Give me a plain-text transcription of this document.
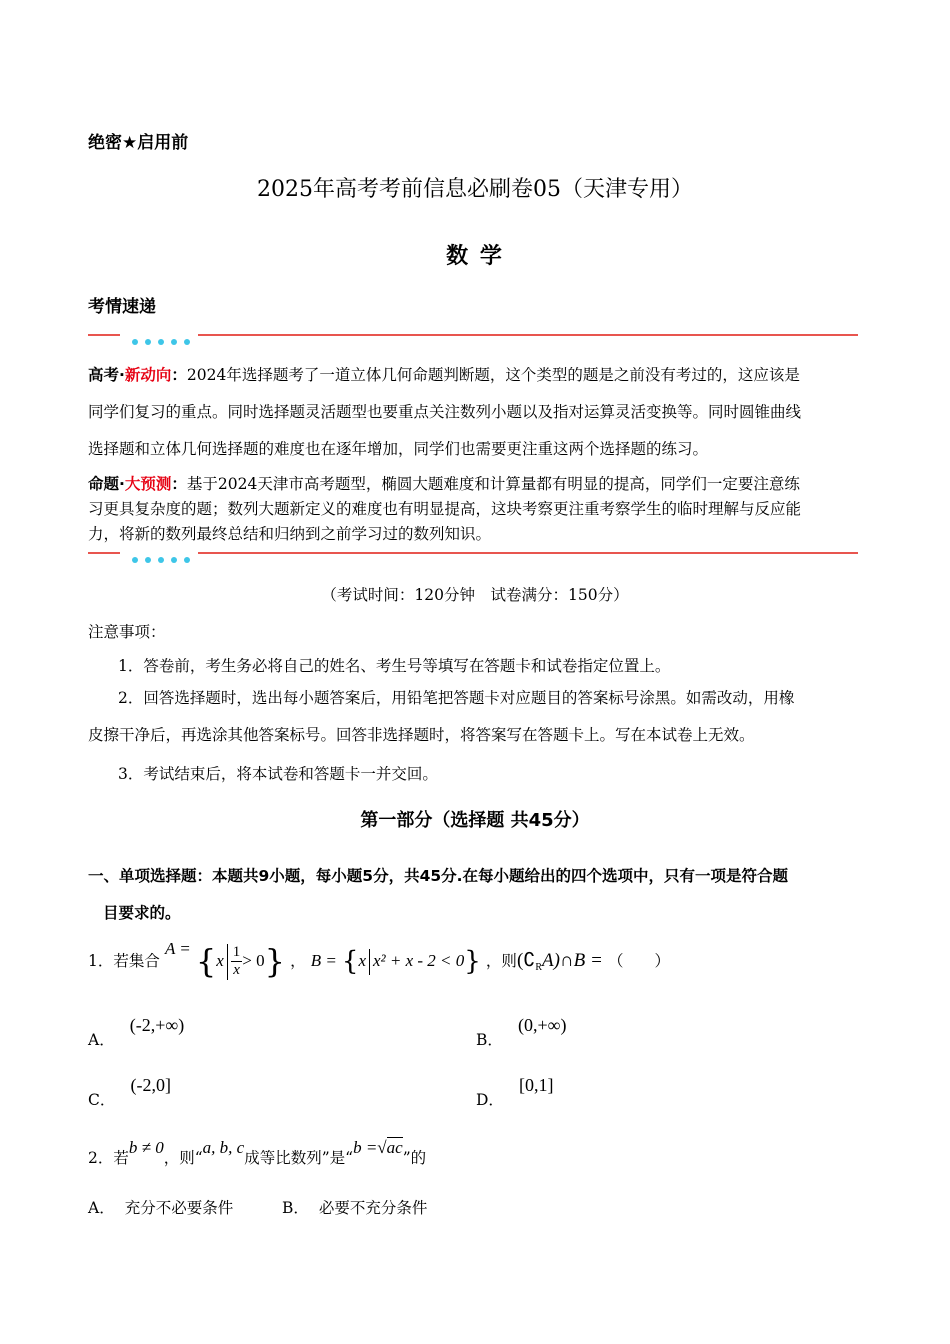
绝密★启用前
2025年高考考前信息必刷卷05（天津专用）
数 学
考情速递
高考·新动向：2024年选择题考了一道立体几何命题判断题，这个类型的题是之前没有考过的，这应该是
同学们复习的重点。同时选择题灵活题型也要重点关注数列小题以及指对运算灵活变换等。同时圆锥曲线
选择题和立体几何选择题的难度也在逐年增加，同学们也需要更注重这两个选择题的练习。
命题·大预测：基于2024天津市高考题型，椭圆大题难度和计算量都有明显的提高，同学们一定要注意练
习更具复杂度的题；数列大题新定义的难度也有明显提高，这块考察更注重考察学生的临时理解与反应能
力，将新的数列最终总结和归纳到之前学习过的数列知识。
（考试时间：120分钟　试卷满分：150分）
注意事项：
1．答卷前，考生务必将自己的姓名、考生号等填写在答题卡和试卷指定位置上。
2．回答选择题时，选出每小题答案后，用铅笔把答题卡对应题目的答案标号涂黑。如需改动，用橡
皮擦干净后，再选涂其他答案标号。回答非选择题时，将答案写在答题卡上。写在本试卷上无效。
3．考试结束后，将本试卷和答题卡一并交回。
第一部分（选择题 共45分）
一、单项选择题：本题共9小题，每小题5分，共45分.在每小题给出的四个选项中，只有一项是符合题
目要求的。
1．若集合 $A = \{x \frac{1}{x} > 0\}$ ， B = {x x² + x - 2 < 0} ，则$(∁_RA)\cap B$ = （　　）
A． (-2,+∞)
B． (0,+∞)
C． (-2,0]
D． [0,1]
2．若b ≠ 0，则“a, b, c成等比数列”是“b =√ac”的
A． 充分不必要条件	B． 必要不充分条件
